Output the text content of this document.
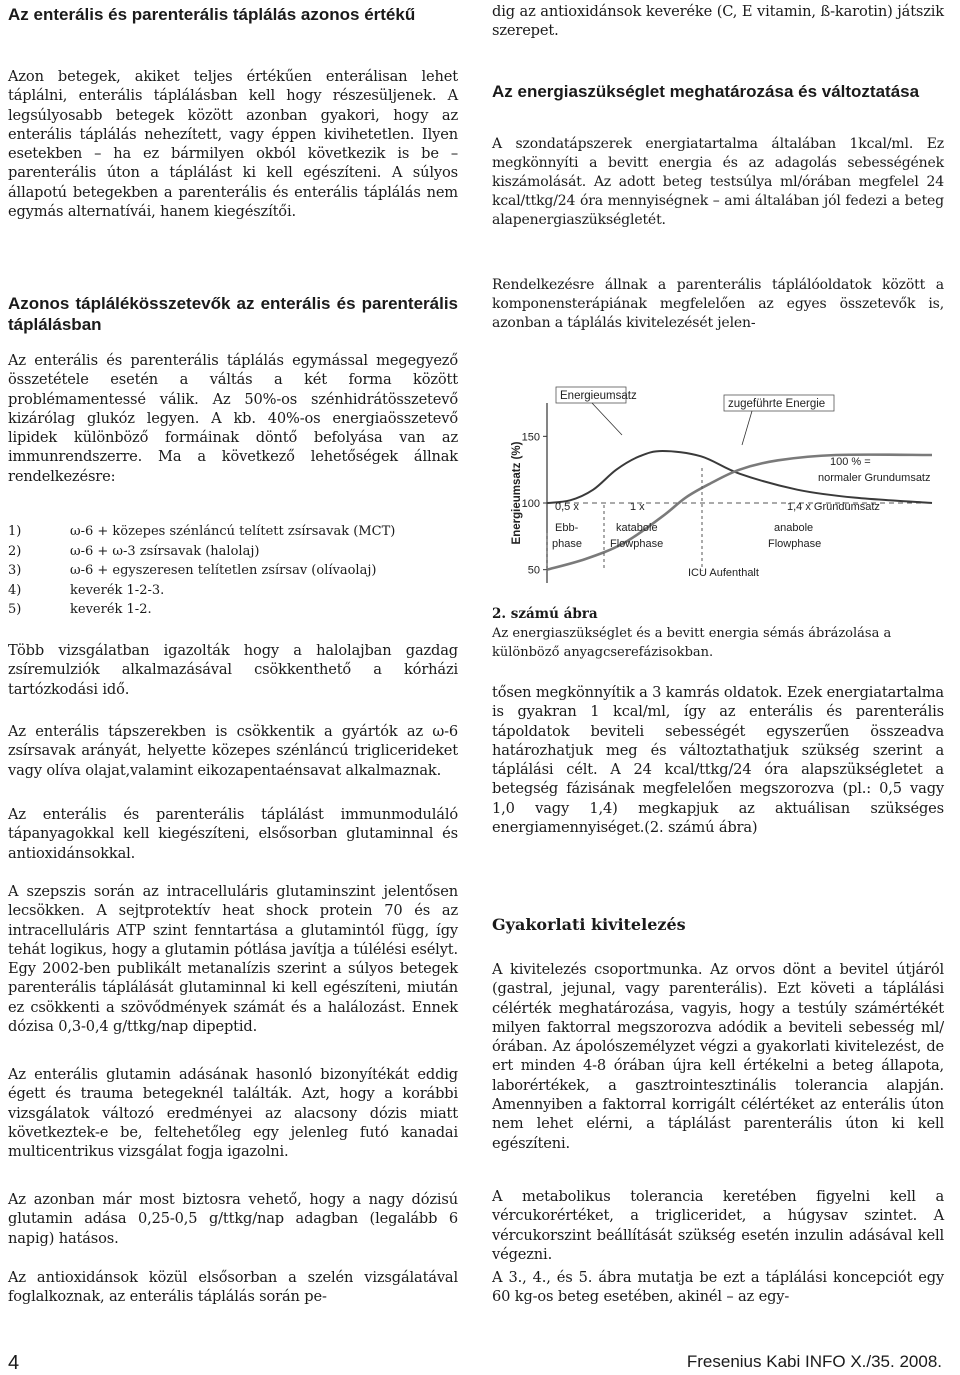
Az enterális és parenterális táplálás azonos értékű

Azon betegek, akiket teljes értékűen enterálisan lehet táplálni, enterális táplálásban kell hogy részesüljenek. A legsúlyosabb betegek között azonban gyakori, hogy az enterális táplálás nehezített, vagy éppen kivihetetlen. Ilyen esetekben – ha ez bármilyen okból következik is be – parenterális úton a táplálást ki kell egészíteni. A súlyos állapotú betegekben a parenterális és enterális táplálás nem egymás alternatívái, hanem kiegészítői.

Azonos táplálékösszetevők az enterális és parenterális táplálásban

Az enterális és parenterális táplálás egymással megegyező összetétele esetén a váltás a két forma között problémamentessé válik. Az 50%-os szénhidrátösszetevő kizárólag glukóz legyen. A kb. 40%-os energiaösszetevő lipidek különböző formáinak döntő befolyása van az immunrendszerre. Ma a következő lehetőségek állnak rendelkezésre:

1)	ω-6 + közepes szénláncú telített zsírsavak (MCT)
2)	ω-6 + ω-3 zsírsavak (halolaj)
3)	ω-6 + egyszeresen telítetlen zsírsav (olívaolaj)
4)	keverék 1-2-3.
5)	keverék 1-2.

Több vizsgálatban igazolták hogy a halolajban gazdag zsíremulziók alkalmazásával csökkenthető a kórházi tartózkodási idő.

Az enterális tápszerekben is csökkentik a gyártók az ω-6 zsírsavak arányát, helyette közepes szénláncú triglicerideket vagy olíva olajat,valamint eikozapentaénsavat alkalmaznak.

Az enterális és parenterális táplálást immunmoduláló tápanyagokkal kell kiegészíteni, elsősorban glutaminnal és antioxidánsokkal.

A szepszis során az intracelluláris glutaminszint jelentősen lecsökken. A sejtprotektív heat shock protein 70 és az intracelluláris ATP szint fenntartása a glutamintól függ, így tehát logikus, hogy a glutamin pótlása javítja a túlélési esélyt. Egy 2002-ben publikált metanalízis szerint a súlyos betegek parenterális táplálását glutaminnal ki kell egészíteni, miután ez csökkenti a szövődmények számát és a halálozást. Ennek dózisa 0,3-0,4 g/ttkg/nap dipeptid.

Az enterális glutamin adásának hasonló bizonyítékát eddig égett és trauma betegeknél találták. Azt, hogy a korábbi vizsgálatok változó eredményei az alacsony dózis miatt következtek-e be, feltehetőleg egy jelenleg futó kanadai multicentrikus vizsgálat fogja igazolni.

Az azonban már most biztosra vehető, hogy a nagy dózisú glutamin adása 0,25-0,5 g/ttkg/nap adagban (legalább 6 napig) hatásos.

Az antioxidánsok közül elsősorban a szelén vizsgálatával foglalkoznak, az enterális táplálás során pe-

dig az antioxidánsok keveréke (C, E vitamin, ß-karotin) játszik szerepet.

Az energiaszükséglet meghatározása és változtatása

A szondatápszerek energiatartalma általában 1kcal/ml. Ez megkönnyíti a bevitt energia és az adagolás sebességének kiszámolását. Az adott beteg testsúlya ml/órában megfelel 24 kcal/ttkg/24 óra mennyiségnek – ami általában jól fedezi a beteg alapenergiaszükségletét.

Rendelkezésre állnak a parenterális táplálóoldatok között a komponensterápiának megfelelően az egyes összetevők is, azonban a táplálás kivitelezését jelen-

Energieumsatz (%)
50
100
150
Energieumsatz
zugeführte Energie
100 % =
normaler Grundumsatz
0,5 x	1 x	1,4 x Grundumsatz
Ebb-
phase
katabole
Flowphase
anabole
Flowphase
ICU Aufenthalt
2. számú ábra
Az energiaszükséglet és a bevitt energia sémás ábrázolása a különböző anyagcserefázisokban.

tősen megkönnyítik a 3 kamrás oldatok. Ezek energiatartalma is gyakran 1 kcal/ml, így az enterális és parenterális tápoldatok beviteli sebességét egyszerűen összeadva határozhatjuk meg és változtathatjuk szükség szerint a táplálási célt. A 24 kcal/ttkg/24 óra alapszükségletet a betegség fázisának megfelelően megszorozva (pl.: 0,5 vagy 1,0 vagy 1,4) megkapjuk az aktuálisan szükséges energiamennyiséget.(2. számú ábra)

Gyakorlati kivitelezés

A kivitelezés csoportmunka. Az orvos dönt a bevitel útjáról (gastral, jejunal, vagy parenterális). Ezt követi a táplálási célérték meghatározása, vagyis, hogy a testúly számértékét milyen faktorral megszorozva adódik a beviteli sebesség ml/órában. Az ápolószemélyzet végzi a gyakorlati kivitelezést, de ert minden 4-8 órában újra kell értékelni a beteg állapota, laborértékek, a gasztrointesztinális tolerancia alapján. Amennyiben a faktorral korrigált célértéket az enterális úton nem lehet elérni, a táplálást parenterális úton ki kell egészíteni.

A metabolikus tolerancia keretében figyelni kell a vércukorértéket, a trigliceridet, a húgysav szintet. A vércukorszint beállítását szükség esetén inzulin adásával kell végezni.

A 3., 4., és 5. ábra mutatja be ezt a táplálási koncepciót egy 60 kg-os beteg esetében, akinél – az egy-

4	Fresenius Kabi INFO X./35. 2008.
